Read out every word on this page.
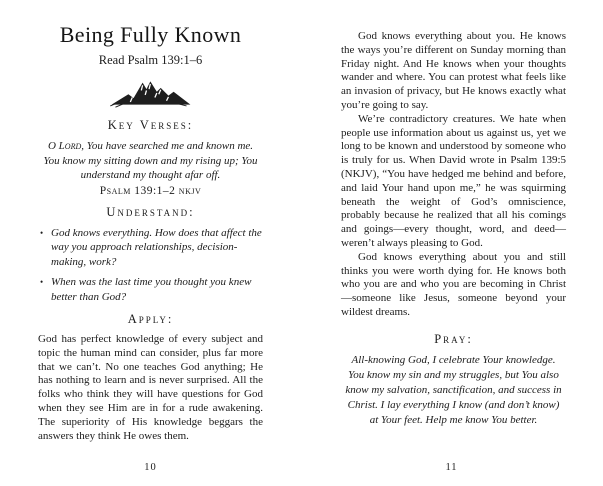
Being Fully Known
Read Psalm 139:1–6
Key Verses:

O Lord, You have searched me and known me. You know my sitting down and my rising up; You understand my thought afar off.

Psalm 139:1–2 nkjv
Understand:
• God knows everything. How does that affect the way you approach relationships, decision-making, work?
• When was the last time you thought you knew better than God?
Apply:

God has perfect knowledge of every subject and topic the human mind can consider, plus far more that we can’t. No one teaches God anything; He has nothing to learn and is never surprised. All the folks who think they will have questions for God when they see Him are in for a rude awakening. The superiority of His knowledge beggars the answers they think He owes them.

10

God knows everything about you. He knows the ways you’re different on Sunday morning than Friday night. And He knows when your thoughts wander and where. You can protest what feels like an invasion of privacy, but He knows exactly what you’re going to say.

We’re contradictory creatures. We hate when people use information about us against us, yet we long to be known and understood by someone who is truly for us. When David wrote in Psalm 139:5 (NKJV), “You have hedged me behind and before, and laid Your hand upon me,” he was squirming beneath the weight of God’s omniscience, probably because he realized that all his comings and goings—every thought, word, and deed—weren’t always pleasing to God.

God knows everything about you and still thinks you were worth dying for. He knows both who you are and who you are becoming in Christ—someone like Jesus, someone beyond your wildest dreams.

Pray:

All-knowing God, I celebrate Your knowledge. You know my sin and my struggles, but You also know my salvation, sanctification, and success in Christ. I lay everything I know (and don’t know) at Your feet. Help me know You better.

11
